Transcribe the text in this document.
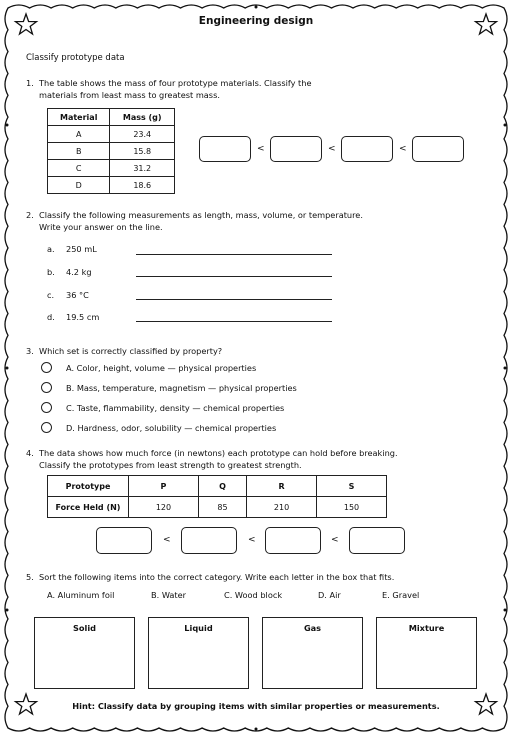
Engineering design
Classify prototype data
1. The table shows the mass of four prototype materials. Classify the
materials from least mass to greatest mass.
Material	Mass (g)
A	23.4
B	15.8
C	31.2
D	18.6
<	<	<
2. Classify the following measurements as length, mass, volume, or temperature.
Write your answer on the line.
a. 250 mL
b. 4.2 kg
c. 36 °C
d. 19.5 cm
3. Which set is correctly classified by property?
A. Color, height, volume — physical properties
B. Mass, temperature, magnetism — physical properties
C. Taste, flammability, density — chemical properties
D. Hardness, odor, solubility — chemical properties
4. The data shows how much force (in newtons) each prototype can hold before breaking.
Classify the prototypes from least strength to greatest strength.
Prototype	P	Q	R	S
Force Held (N)	120	85	210	150
<	<	<
5. Sort the following items into the correct category. Write each letter in the box that fits.
A. Aluminum foil	B. Water	C. Wood block	D. Air	E. Gravel
Solid	Liquid	Gas	Mixture
Hint: Classify data by grouping items with similar properties or measurements.
